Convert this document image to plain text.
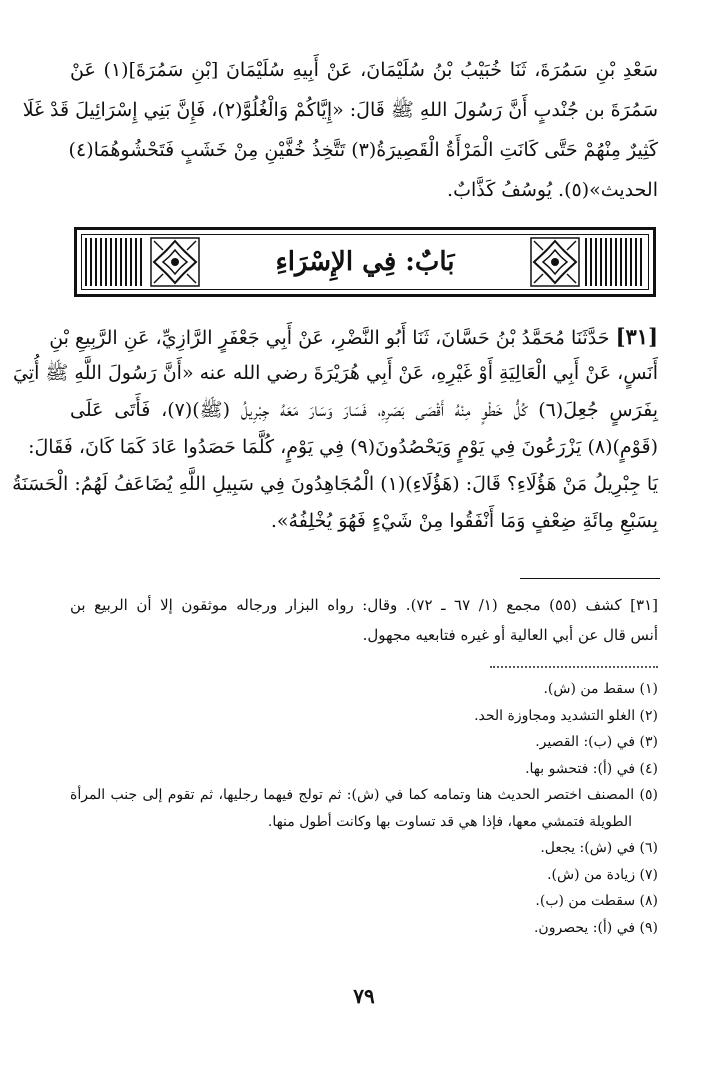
سَعْدِ بْنِ سَمُرَةَ، ثَنَا خُبَيْبُ بْنُ سُلَيْمَانَ، عَنْ أَبِيهِ سُلَيْمَانَ [بْنِ سَمُرَةَ](١) عَنْ
سَمُرَةَ بن جُنْدبٍ أَنَّ رَسُولَ اللهِ ﷺ قَالَ: «إِيَّاكُمْ وَالْغُلُوَّ(٢)، فَإِنَّ بَنِي إِسْرَائِيلَ قَدْ غَلَا
كَثِيرٌ مِنْهُمْ حَتَّى كَانَتِ الْمَرْأَةُ الْقَصِيرَةُ(٣) تَتَّخِذُ خُفَّيْنِ مِنْ خَشَبٍ فَتَحْشُوهُمَا(٤)
الحديث»(٥). يُوسُفُ كَذَّابٌ.
بَابٌ: فِي الإِسْرَاءِ
[٣١] حَدَّثَنَا مُحَمَّدُ بْنُ حَسَّانَ، ثَنَا أَبُو النَّضْرِ، عَنْ أَبِي جَعْفَرٍ الرَّازِيِّ، عَنِ الرَّبِيعِ بْنِ
أَنَسٍ، عَنْ أَبِي الْعَالِيَةِ أَوْ غَيْرِهِ، عَنْ أَبِي هُرَيْرَةَ رضي الله عنه «أَنَّ رَسُولَ اللَّهِ ﷺ أُتِيَ
بِفَرَسٍ جُعِلَ(٦) كُلُّ خَطْوٍ مِنْهُ أَقْصَى بَصَرِهِ، فَسَارَ وَسَارَ مَعَهُ جِبْرِيلُ (ﷺ)(٧)، فَأَتَى عَلَى
(قَوْمٍ)(٨) يَزْرَعُونَ فِي يَوْمٍ وَيَحْصُدُونَ(٩) فِي يَوْمٍ، كُلَّمَا حَصَدُوا عَادَ كَمَا كَانَ، فَقَالَ:
يَا جِبْرِيلُ مَنْ هَؤُلَاءِ؟ قَالَ: (هَؤُلَاءِ)(١) الْمُجَاهِدُونَ فِي سَبِيلِ اللَّهِ يُضَاعَفُ لَهُمُ: الْحَسَنَةُ
بِسَبْعِ مِائَةِ ضِعْفٍ وَمَا أَنْفَقُوا مِنْ شَيْءٍ فَهُوَ يُخْلِفُهُ».
[٣١] كشف (٥٥) مجمع (١/ ٦٧ ـ ٧٢). وقال: رواه البزار ورجاله موثقون إلا أن الربيع بن
أنس قال عن أبي العالية أو غيره فتابعيه مجهول.
(١) سقط من (ش).
(٢) الغلو التشديد ومجاوزة الحد.
(٣) في (ب): القصير.
(٤) في (أ): فتحشو بها.
(٥) المصنف اختصر الحديث هنا وتمامه كما في (ش): ثم تولج فيهما رجليها، ثم تقوم إلى جنب المرأة
الطويلة فتمشي معها، فإذا هي قد تساوت بها وكانت أطول منها.
(٦) في (ش): يجعل.
(٧) زيادة من (ش).
(٨) سقطت من (ب).
(٩) في (أ): يحصرون.
٧٩
